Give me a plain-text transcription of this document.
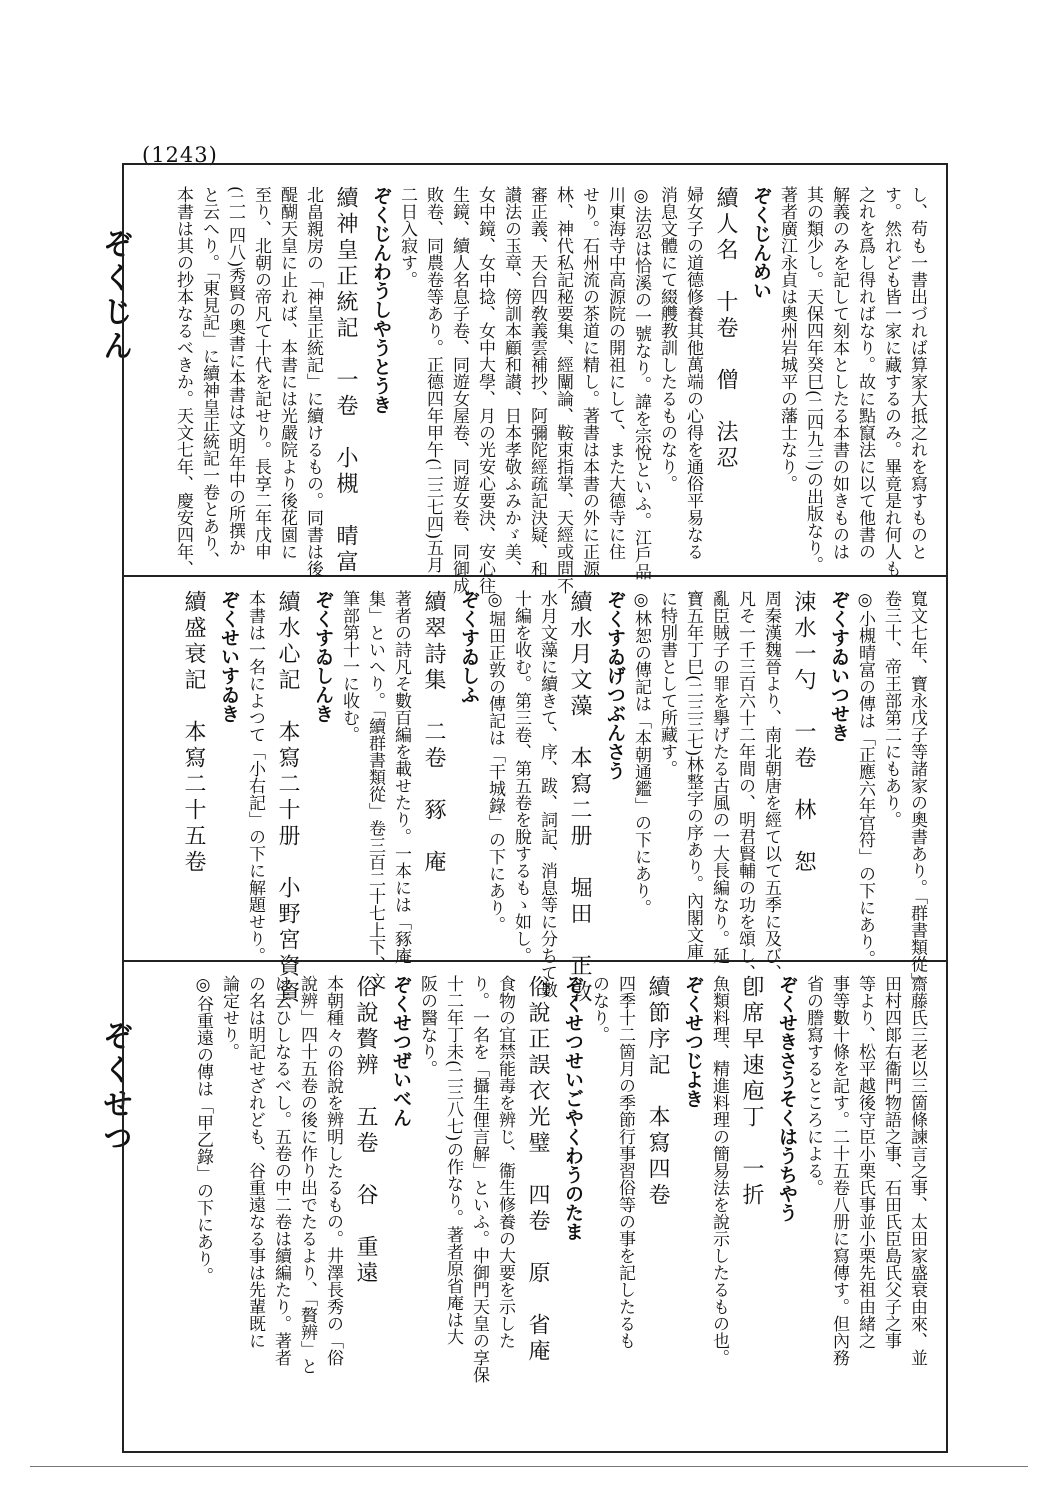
(1243)
ぞくじん
ぞくせつ
し、苟も一書出づれば算家大抵之れを寫すものと
す。然れども皆一家に藏するのみ。畢竟是れ何人も
之れを爲し得ればなり。故に點竄法に以て他書の
解義のみを記して刻本としたる本書の如きものは
其の類少し。天保四年癸巳(二四九三)の出版なり。
著者廣江永貞は奧州岩城平の藩士なり。
ぞくじんめい
續人名　十卷　僧　法忍
婦女子の道德修養其他萬端の心得を通俗平易なる
消息文體にて綴艭教訓したるものなり。
◎法忍は恰溪の一號なり。諱を宗悅といふ。江戶品
川東海寺中高源院の開祖にして、また大德寺に住
せり。石州流の茶道に精し。著書は本書の外に正源
林、神代私記秘要集、經闡論、鞍束指掌、天經或問不
審正義、天台四敎義雲補抄、阿彌陀經疏記決疑、和
讃法の玉章、傍訓本顧和讃、日本孝敬ふみかゞ美、
女中鏡、女中捻、女中大學、月の光安心要決、安心往
生鏡、續人名息子卷、同遊女屋卷、同遊女卷、同御成
敗卷、同農卷等あり。正德四年甲午(二三七四)五月
二日入寂す。
ぞくじんわうしやうとうき
續神皇正統記　一卷　小槻　晴富
北畠親房の「神皇正統記」に續けるもの。同書は後
醍醐天皇に止れば、本書には光嚴院より後花園に
至り、北朝の帝凡て十代を記せり。長享二年戊申
(二一四八)秀賢の奧書に本書は文明年中の所撰か
と云へり。「東見記」に續神皇正統記一卷とあり、
本書は其の抄本なるべきか。天文七年、慶安四年、
寬文七年、寶永戊子等諸家の奧書あり。「群書類從」
卷三十、帝王部第二にもあり。
◎小槻晴富の傳は「正應六年官符」の下にあり。
ぞくすゐいつせき
涑水一勺　一卷　林　恕
周秦漢魏晉より、南北朝唐を經て以て五季に及び、
凡そ一千三百六十二年間の、明君賢輔の功を頌し、
亂臣賊子の罪を擧げたる古風の一大長編なり。延
寶五年丁巳(二三三七)林整字の序あり。內閣文庫
に特別書として所藏す。
◎林恕の傳記は「本朝通鑑」の下にあり。
ぞくすゐげつぶんさう
續水月文藻　本寫二册　堀田　正敦
水月文藻に續きて、序、跋、詞記、消息等に分ちて數
十編を收む。第三卷、第五卷を脫するもゝ如し。
◎堀田正敦の傳記は「干城錄」の下にあり。
ぞくすゐしふ
續翠詩集　二卷　豩　庵
著者の詩凡そ數百編を載せたり。一本には「豩庵
集」といへり。「續群書類從」卷三百二十七上下、文
筆部第十一に收む。
ぞくすゐしんき
續水心記　本寫二十册　小野宮資資
本書は一名によつて「小右記」の下に解題せり。
ぞくせいすゐき
續盛衰記　本寫二十五卷
齋藤氏三老以三箇條諫言之事、太田家盛衰由來、並
田村四郞右衞門物語之事、石田氏臣島氏父子之事
等より、松平越後守臣小栗氏事並小栗先祖由緒之
事等數十條を記す。二十五卷八册に寫傳す。但內務
省の謄寫するところによる。
ぞくせきさうそくはうちやう
卽席早速庖丁　一折
魚類料理、精進料理の簡易法を說示したるもの也。
ぞくせつじよき
續節序記　本寫四卷
四季十二箇月の季節行事習俗等の事を記したるも
のなり。
ぞくせつせいごやくわうのたま
俗說正誤衣光璧　四卷　原　省庵
食物の宜禁能毒を辨じ、衞生修養の大要を示した
り。一名を「攝生俚言解」といふ。中御門天皇の享保
十二年丁未(二三八七)の作なり。著者原省庵は大
阪の醫なり。
ぞくせつぜいべん
俗說贅辨　五卷　谷　重遠
本朝種々の俗說を辨明したるもの。井澤長秀の「俗
說辨」四十五卷の後に作り出でたるより、「贅辨」と
は云ひしなるべし。五卷の中二卷は續編たり。著者
の名は明記せざれども、谷重遠なる事は先輩既に
論定せり。
◎谷重遠の傳は「甲乙錄」の下にあり。
